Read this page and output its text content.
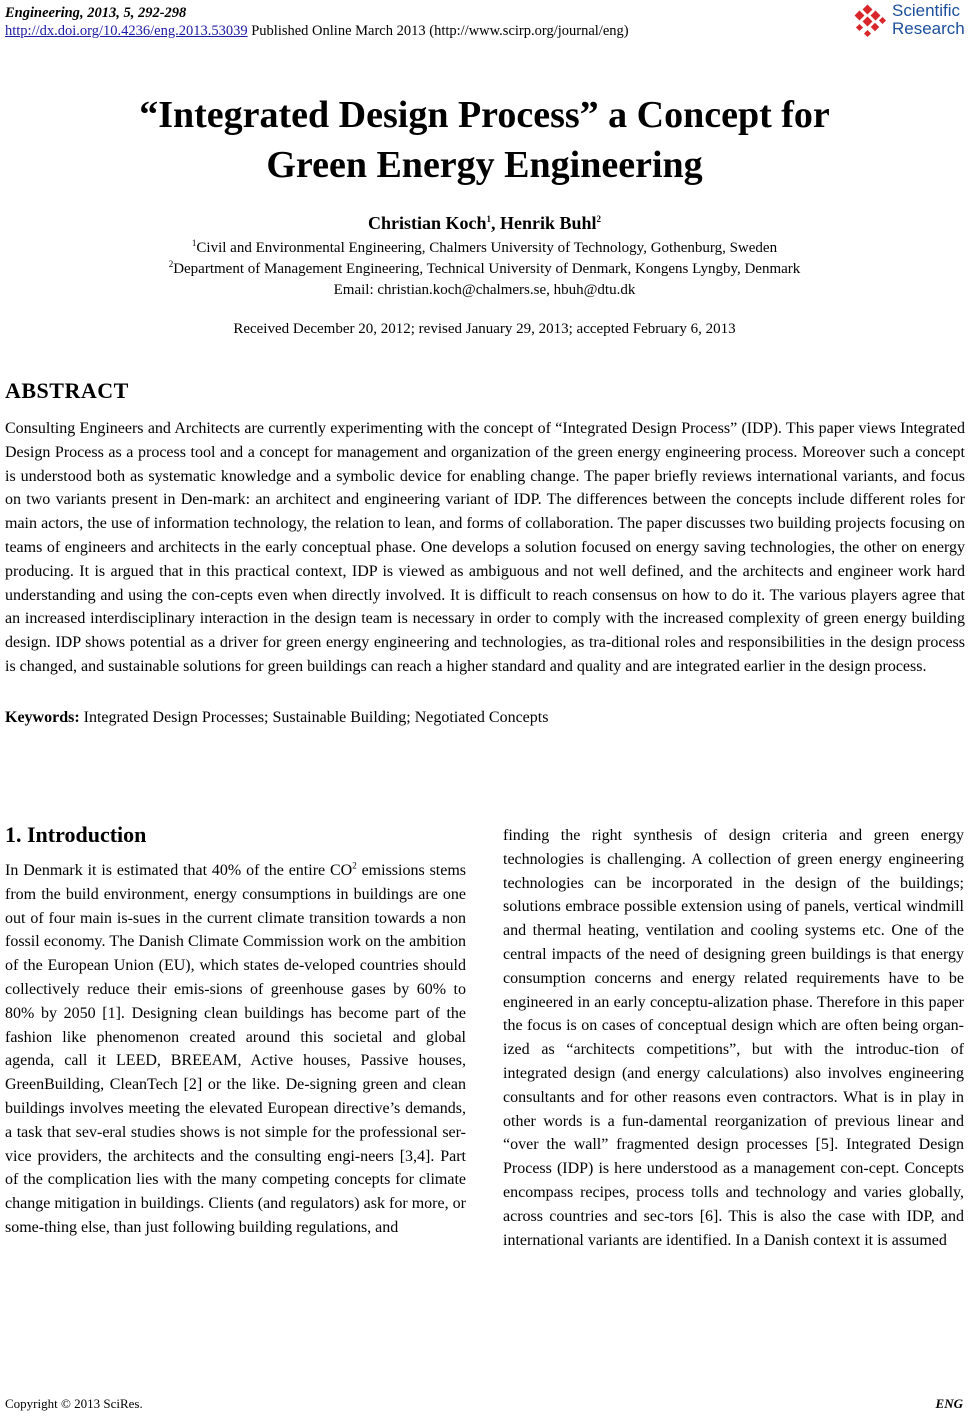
Engineering, 2013, 5, 292-298
http://dx.doi.org/10.4236/eng.2013.53039 Published Online March 2013 (http://www.scirp.org/journal/eng)
Scientific
Research
“Integrated Design Process” a Concept for
Green Energy Engineering
Christian Koch$^1$, Henrik Buhl$^2$
$^1$Civil and Environmental Engineering, Chalmers University of Technology, Gothenburg, Sweden
$^2$Department of Management Engineering, Technical University of Denmark, Kongens Lyngby, Denmark
Email: christian.koch@chalmers.se, hbuh@dtu.dk
Received December 20, 2012; revised January 29, 2013; accepted February 6, 2013
ABSTRACT
Consulting Engineers and Architects are currently experimenting with the concept of “Integrated Design Process” (IDP). This paper views Integrated Design Process as a process tool and a concept for management and organization of the green energy engineering process. Moreover such a concept is understood both as systematic knowledge and a symbolic device for enabling change. The paper briefly reviews international variants, and focus on two variants present in Den-mark: an architect and engineering variant of IDP. The differences between the concepts include different roles for main actors, the use of information technology, the relation to lean, and forms of collaboration. The paper discusses two building projects focusing on teams of engineers and architects in the early conceptual phase. One develops a solution focused on energy saving technologies, the other on energy producing. It is argued that in this practical context, IDP is viewed as ambiguous and not well defined, and the architects and engineer work hard understanding and using the con-cepts even when directly involved. It is difficult to reach consensus on how to do it. The various players agree that an increased interdisciplinary interaction in the design team is necessary in order to comply with the increased complexity of green energy building design. IDP shows potential as a driver for green energy engineering and technologies, as tra-ditional roles and responsibilities in the design process is changed, and sustainable solutions for green buildings can reach a higher standard and quality and are integrated earlier in the design process.
Keywords: Integrated Design Processes; Sustainable Building; Negotiated Concepts
1. Introduction

In Denmark it is estimated that 40% of the entire $CO^2$ emissions stems from the build environment, energy consumptions in buildings are one out of four main is-sues in the current climate transition towards a non fossil economy. The Danish Climate Commission work on the ambition of the European Union (EU), which states de-veloped countries should collectively reduce their emis-sions of greenhouse gases by 60% to 80% by 2050 [1]. Designing clean buildings has become part of the fashion like phenomenon created around this societal and global agenda, call it LEED, BREEAM, Active houses, Passive houses, GreenBuilding, CleanTech [2] or the like. De-signing green and clean buildings involves meeting the elevated European directive’s demands, a task that sev-eral studies shows is not simple for the professional ser-vice providers, the architects and the consulting engi-neers [3,4]. Part of the complication lies with the many competing concepts for climate change mitigation in buildings. Clients (and regulators) ask for more, or some-thing else, than just following building regulations, and

finding the right synthesis of design criteria and green energy technologies is challenging. A collection of green energy engineering technologies can be incorporated in the design of the buildings; solutions embrace possible extension using of panels, vertical windmill and thermal heating, ventilation and cooling systems etc. One of the central impacts of the need of designing green buildings is that energy consumption concerns and energy related requirements have to be engineered in an early conceptu-alization phase. Therefore in this paper the focus is on cases of conceptual design which are often being organ-ized as “architects competitions”, but with the introduc-tion of integrated design (and energy calculations) also involves engineering consultants and for other reasons even contractors. What is in play in other words is a fun-damental reorganization of previous linear and “over the wall” fragmented design processes [5]. Integrated Design Process (IDP) is here understood as a management con-cept. Concepts encompass recipes, process tolls and technology and varies globally, across countries and sec-tors [6]. This is also the case with IDP, and international variants are identified. In a Danish context it is assumed

Copyright © 2013 SciRes.	ENG
